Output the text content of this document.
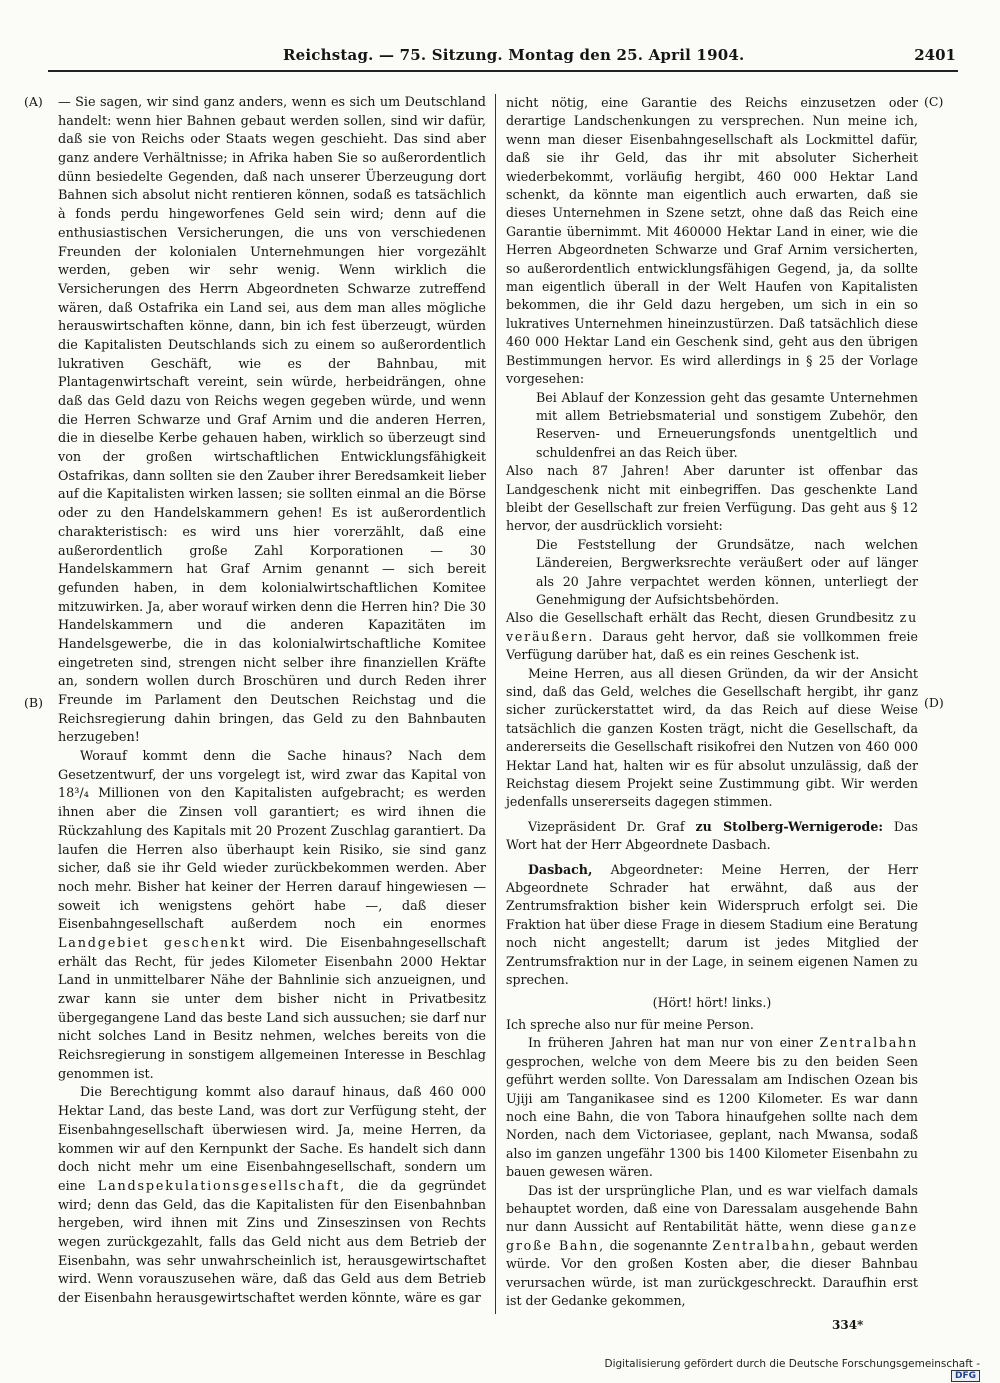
Reichstag. — 75. Sitzung. Montag den 25. April 1904.	2401
(A)
(B)
(C)
(D)

— Sie sagen, wir sind ganz anders, wenn es sich um Deutschland handelt: wenn hier Bahnen gebaut werden sollen, sind wir dafür, daß sie von Reichs oder Staats wegen geschieht. Das sind aber ganz andere Verhältnisse; in Afrika haben Sie so außerordentlich dünn besiedelte Gegenden, daß nach unserer Überzeugung dort Bahnen sich absolut nicht rentieren können, sodaß es tatsächlich à fonds perdu hingeworfenes Geld sein wird; denn auf die enthusiastischen Versicherungen, die uns von verschiedenen Freunden der kolonialen Unternehmungen hier vorgezählt werden, geben wir sehr wenig. Wenn wirklich die Versicherungen des Herrn Abgeordneten Schwarze zutreffend wären, daß Ostafrika ein Land sei, aus dem man alles mögliche herauswirtschaften könne, dann, bin ich fest überzeugt, würden die Kapitalisten Deutschlands sich zu einem so außerordentlich lukrativen Geschäft, wie es der Bahnbau, mit Plantagenwirtschaft vereint, sein würde, herbeidrängen, ohne daß das Geld dazu von Reichs wegen gegeben würde, und wenn die Herren Schwarze und Graf Arnim und die anderen Herren, die in dieselbe Kerbe gehauen haben, wirklich so überzeugt sind von der großen wirtschaftlichen Entwicklungsfähigkeit Ostafrikas, dann sollten sie den Zauber ihrer Beredsamkeit lieber auf die Kapitalisten wirken lassen; sie sollten einmal an die Börse oder zu den Handelskammern gehen! Es ist außerordentlich charakteristisch: es wird uns hier vorerzählt, daß eine außerordentlich große Zahl Korporationen — 30 Handelskammern hat Graf Arnim genannt — sich bereit gefunden haben, in dem kolonialwirtschaftlichen Komitee mitzuwirken. Ja, aber worauf wirken denn die Herren hin? Die 30 Handelskammern und die anderen Kapazitäten im Handelsgewerbe, die in das kolonialwirtschaftliche Komitee eingetreten sind, strengen nicht selber ihre finanziellen Kräfte an, sondern wollen durch Broschüren und durch Reden ihrer Freunde im Parlament den Deutschen Reichstag und die Reichsregierung dahin bringen, das Geld zu den Bahnbauten herzugeben!

Worauf kommt denn die Sache hinaus? Nach dem Gesetzentwurf, der uns vorgelegt ist, wird zwar das Kapital von 18³/₄ Millionen von den Kapitalisten aufgebracht; es werden ihnen aber die Zinsen voll garantiert; es wird ihnen die Rückzahlung des Kapitals mit 20 Prozent Zuschlag garantiert. Da laufen die Herren also überhaupt kein Risiko, sie sind ganz sicher, daß sie ihr Geld wieder zurückbekommen werden. Aber noch mehr. Bisher hat keiner der Herren darauf hingewiesen — soweit ich wenigstens gehört habe —, daß dieser Eisenbahngesellschaft außerdem noch ein enormes Landgebiet geschenkt wird. Die Eisenbahngesellschaft erhält das Recht, für jedes Kilometer Eisenbahn 2000 Hektar Land in unmittelbarer Nähe der Bahnlinie sich anzueignen, und zwar kann sie unter dem bisher nicht in Privatbesitz übergegangene Land das beste Land sich aussuchen; sie darf nur nicht solches Land in Besitz nehmen, welches bereits von die Reichsregierung in sonstigem allgemeinen Interesse in Beschlag genommen ist.

Die Berechtigung kommt also darauf hinaus, daß 460 000 Hektar Land, das beste Land, was dort zur Verfügung steht, der Eisenbahngesellschaft überwiesen wird. Ja, meine Herren, da kommen wir auf den Kernpunkt der Sache. Es handelt sich dann doch nicht mehr um eine Eisenbahngesellschaft, sondern um eine Landspekulationsgesellschaft, die da gegründet wird; denn das Geld, das die Kapitalisten für den Eisenbahnban hergeben, wird ihnen mit Zins und Zinseszinsen von Rechts wegen zurückgezahlt, falls das Geld nicht aus dem Betrieb der Eisenbahn, was sehr unwahrscheinlich ist, herausgewirtschaftet wird. Wenn vorauszusehen wäre, daß das Geld aus dem Betrieb der Eisenbahn herausgewirtschaftet werden könnte, wäre es gar

nicht nötig, eine Garantie des Reichs einzusetzen oder derartige Landschenkungen zu versprechen. Nun meine ich, wenn man dieser Eisenbahngesellschaft als Lockmittel dafür, daß sie ihr Geld, das ihr mit absoluter Sicherheit wiederbekommt, vorläufig hergibt, 460 000 Hektar Land schenkt, da könnte man eigentlich auch erwarten, daß sie dieses Unternehmen in Szene setzt, ohne daß das Reich eine Garantie übernimmt. Mit 460000 Hektar Land in einer, wie die Herren Abgeordneten Schwarze und Graf Arnim versicherten, so außerordentlich entwicklungsfähigen Gegend, ja, da sollte man eigentlich überall in der Welt Haufen von Kapitalisten bekommen, die ihr Geld dazu hergeben, um sich in ein so lukratives Unternehmen hineinzustürzen. Daß tatsächlich diese 460 000 Hektar Land ein Geschenk sind, geht aus den übrigen Bestimmungen hervor. Es wird allerdings in § 25 der Vorlage vorgesehen:

Bei Ablauf der Konzession geht das gesamte Unternehmen mit allem Betriebsmaterial und sonstigem Zubehör, den Reserven- und Erneuerungsfonds unentgeltlich und schuldenfrei an das Reich über.

Also nach 87 Jahren! Aber darunter ist offenbar das Landgeschenk nicht mit einbegriffen. Das geschenkte Land bleibt der Gesellschaft zur freien Verfügung. Das geht aus § 12 hervor, der ausdrücklich vorsieht:

Die Feststellung der Grundsätze, nach welchen Ländereien, Bergwerksrechte veräußert oder auf länger als 20 Jahre verpachtet werden können, unterliegt der Genehmigung der Aufsichtsbehörden.

Also die Gesellschaft erhält das Recht, diesen Grundbesitz zu veräußern. Daraus geht hervor, daß sie vollkommen freie Verfügung darüber hat, daß es ein reines Geschenk ist.

Meine Herren, aus all diesen Gründen, da wir der Ansicht sind, daß das Geld, welches die Gesellschaft hergibt, ihr ganz sicher zurückerstattet wird, da das Reich auf diese Weise tatsächlich die ganzen Kosten trägt, nicht die Gesellschaft, da andererseits die Gesellschaft risikofrei den Nutzen von 460 000 Hektar Land hat, halten wir es für absolut unzulässig, daß der Reichstag diesem Projekt seine Zustimmung gibt. Wir werden jedenfalls unsererseits dagegen stimmen.

Vizepräsident Dr. Graf zu Stolberg-Wernigerode: Das Wort hat der Herr Abgeordnete Dasbach.

Dasbach, Abgeordneter: Meine Herren, der Herr Abgeordnete Schrader hat erwähnt, daß aus der Zentrumsfraktion bisher kein Widerspruch erfolgt sei. Die Fraktion hat über diese Frage in diesem Stadium eine Beratung noch nicht angestellt; darum ist jedes Mitglied der Zentrumsfraktion nur in der Lage, in seinem eigenen Namen zu sprechen.

(Hört! hört! links.)

Ich spreche also nur für meine Person.

In früheren Jahren hat man nur von einer Zentralbahn gesprochen, welche von dem Meere bis zu den beiden Seen geführt werden sollte. Von Daressalam am Indischen Ozean bis Ujiji am Tanganikasee sind es 1200 Kilometer. Es war dann noch eine Bahn, die von Tabora hinaufgehen sollte nach dem Norden, nach dem Victoriasee, geplant, nach Mwansa, sodaß also im ganzen ungefähr 1300 bis 1400 Kilometer Eisenbahn zu bauen gewesen wären.

Das ist der ursprüngliche Plan, und es war vielfach damals behauptet worden, daß eine von Daressalam ausgehende Bahn nur dann Aussicht auf Rentabilität hätte, wenn diese ganze große Bahn, die sogenannte Zentralbahn, gebaut werden würde. Vor den großen Kosten aber, die dieser Bahnbau verursachen würde, ist man zurückgeschreckt. Daraufhin erst ist der Gedanke gekommen,

334*
Digitalisierung gefördert durch die Deutsche Forschungsgemeinschaft -DFG
